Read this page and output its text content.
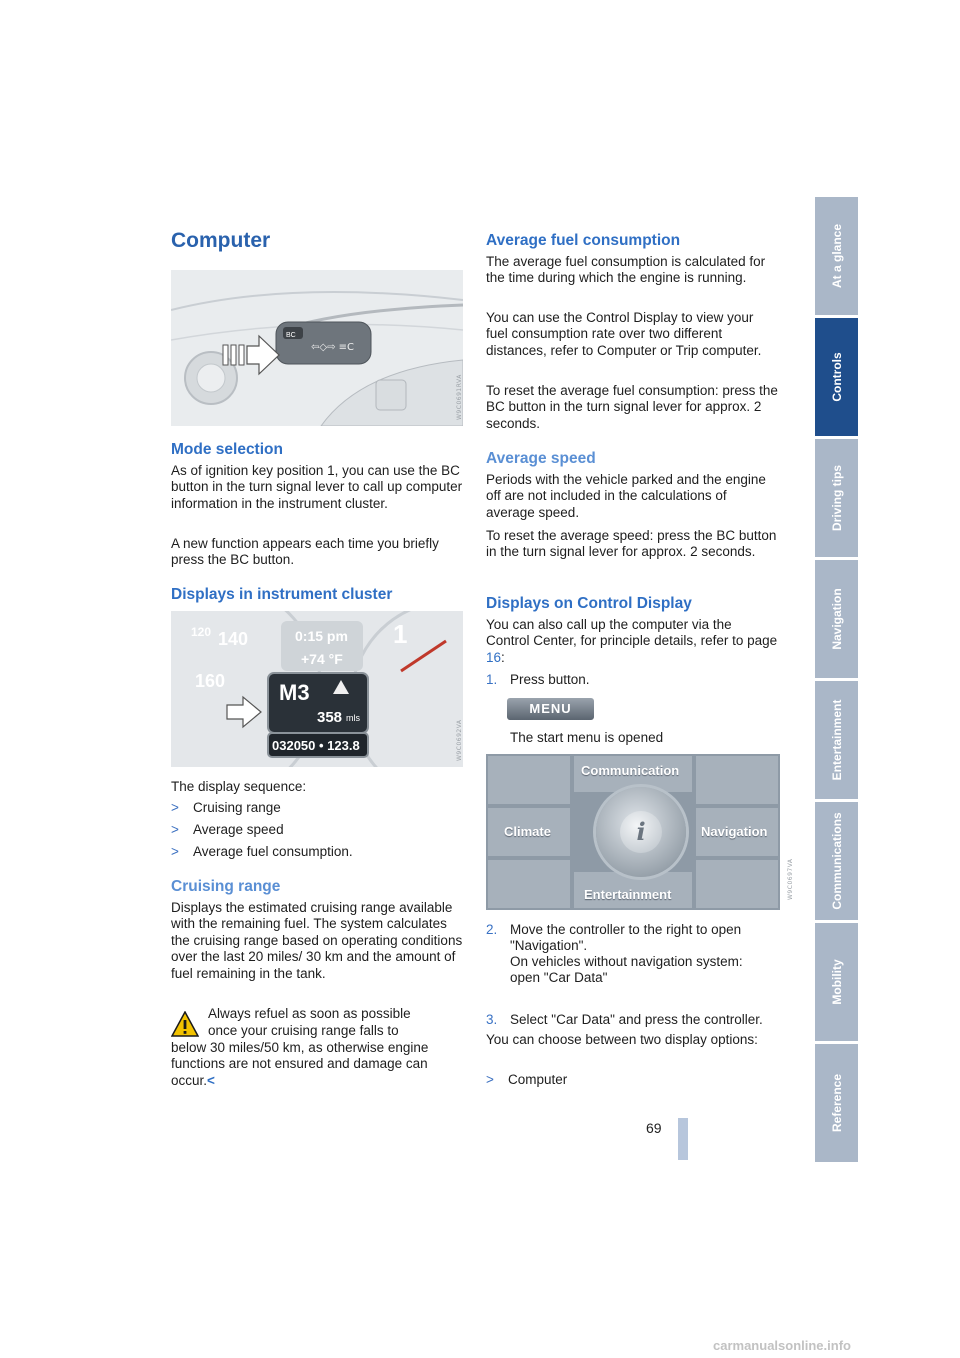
At a glance
Controls
Driving tips
Navigation
Entertainment
Communications
Mobility
Reference
Computer
BC
⇦◇⇨ ≡C
W9C0691RVA
Mode selection

As of ignition key position 1, you can use the BC button in the turn signal lever to call up computer information in the instrument cluster.

A new function appears each time you briefly press the BC button.

Displays in instrument cluster
0:15 pm
+74 °F
M3
358 mls
032050 • 123.8
120 140
160
1
W9C0692VA

The display sequence:

> Cruising range
> Average speed
> Average fuel consumption.
Cruising range

Displays the estimated cruising range available with the remaining fuel. The system calculates the cruising range based on operating conditions over the last 20 miles/ 30 km and the amount of fuel remaining in the tank.

Always refuel as soon as possible

once your cruising range falls to

below 30 miles/50 km, as otherwise engine functions are not ensured and damage can occur.<

Average fuel consumption

The average fuel consumption is calculated for the time during which the engine is running.

You can use the Control Display to view your fuel consumption rate over two different distances, refer to Computer or Trip computer.

To reset the average fuel consumption: press the BC button in the turn signal lever for approx. 2 seconds.

Average speed

Periods with the vehicle parked and the engine off are not included in the calculations of average speed.

To reset the average speed: press the BC button in the turn signal lever for approx. 2 seconds.

Displays on Control Display

You can also call up the computer via the Control Center, for principle details, refer to page 16:

1. Press button.
MENU
The start menu is opened
Communication
Climate	Navigation
Entertainment
i
W9C0697VA
2. Move the controller to the right to open "Navigation".
On vehicles without navigation system: open "Car Data"
3. Select "Car Data" and press the controller.

You can choose between two display options:

> Computer
69
carmanualsonline.info
